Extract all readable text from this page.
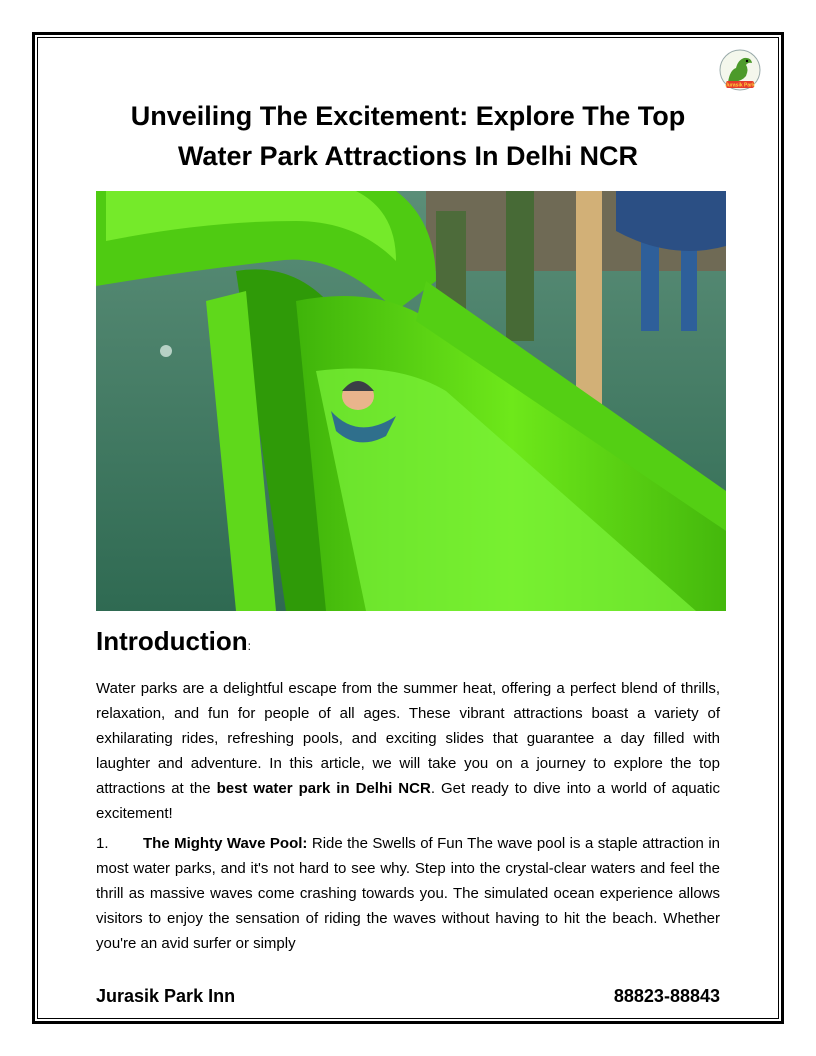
Jurasik Park
Unveiling The Excitement: Explore The Top Water Park Attractions In Delhi NCR
Introduction:

Water parks are a delightful escape from the summer heat, offering a perfect blend of thrills, relaxation, and fun for people of all ages. These vibrant attractions boast a variety of exhilarating rides, refreshing pools, and exciting slides that guarantee a day filled with laughter and adventure. In this article, we will take you on a journey to explore the top attractions at the best water park in Delhi NCR. Get ready to dive into a world of aquatic excitement!

1. The Mighty Wave Pool: Ride the Swells of Fun The wave pool is a staple attraction in most water parks, and it's not hard to see why. Step into the crystal-clear waters and feel the thrill as massive waves come crashing towards you. The simulated ocean experience allows visitors to enjoy the sensation of riding the waves without having to hit the beach. Whether you're an avid surfer or simply

Jurasik Park Inn	88823-88843
